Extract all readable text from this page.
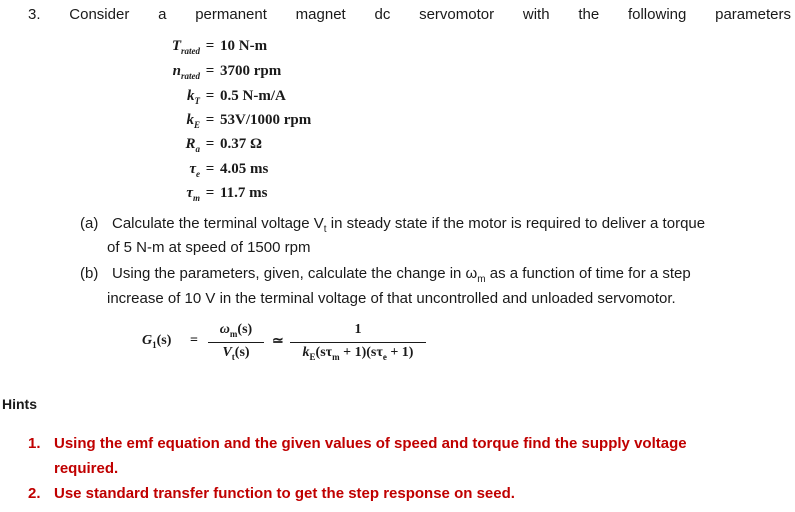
3. Consider a permanent magnet dc servomotor with the following parameters
$T_{rated} = 10$ N-m
$n_{rated} = 3700$ rpm
$k_T = 0.5$ N-m/A
$k_E = 53V/1000$ rpm
$R_a = 0.37$ Ω
$\tau_e = 4.05$ ms
$\tau_m = 11.7$ ms
(a) Calculate the terminal voltage $V_t$ in steady state if the motor is required to deliver a torque
of 5 N-m at speed of 1500 rpm
(b) Using the parameters, given, calculate the change in $\omega_m$ as a function of time for a step
increase of 10 V in the terminal voltage of that uncontrolled and unloaded servomotor.
$G_1(s)$ =
$\omega_m(s)$
$V_t(s)$
≃
1
$k_E(s\tau_m + 1)(s\tau_e + 1)$
Hints
1. Using the emf equation and the given values of speed and torque find the supply voltage
required.
2. Use standard transfer function to get the step response on seed.
